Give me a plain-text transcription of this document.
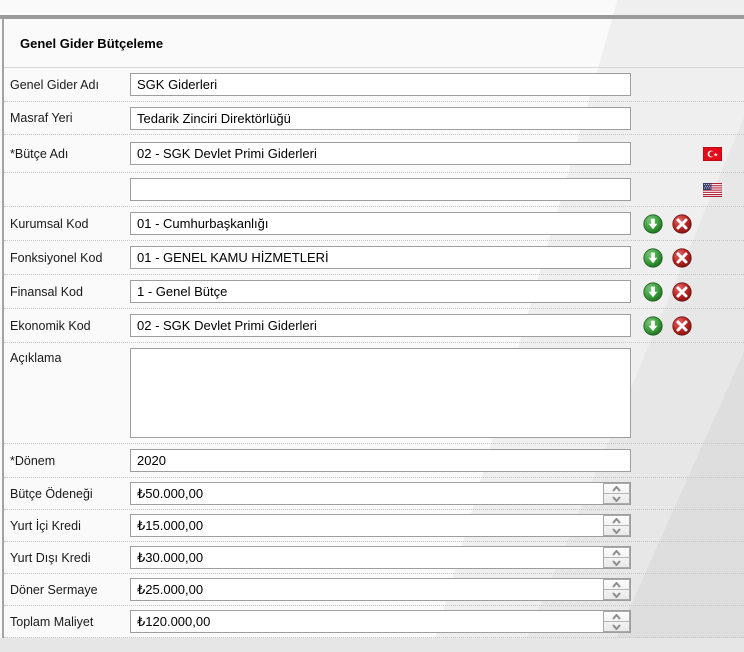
Genel Gider Bütçeleme
Genel Gider Adı
SGK Giderleri
Masraf Yeri
Tedarik Zinciri Direktörlüğü
*Bütçe Adı
02 - SGK Devlet Primi Giderleri
Kurumsal Kod
01 - Cumhurbaşkanlığı
Fonksiyonel Kod
01 - GENEL KAMU HİZMETLERİ
Finansal Kod
1 - Genel Bütçe
Ekonomik Kod
02 - SGK Devlet Primi Giderleri
Açıklama
*Dönem
2020
Bütçe Ödeneği
₺50.000,00
Yurt İçi Kredi
₺15.000,00
Yurt Dışı Kredi
₺30.000,00
Döner Sermaye
₺25.000,00
Toplam Maliyet
₺120.000,00
